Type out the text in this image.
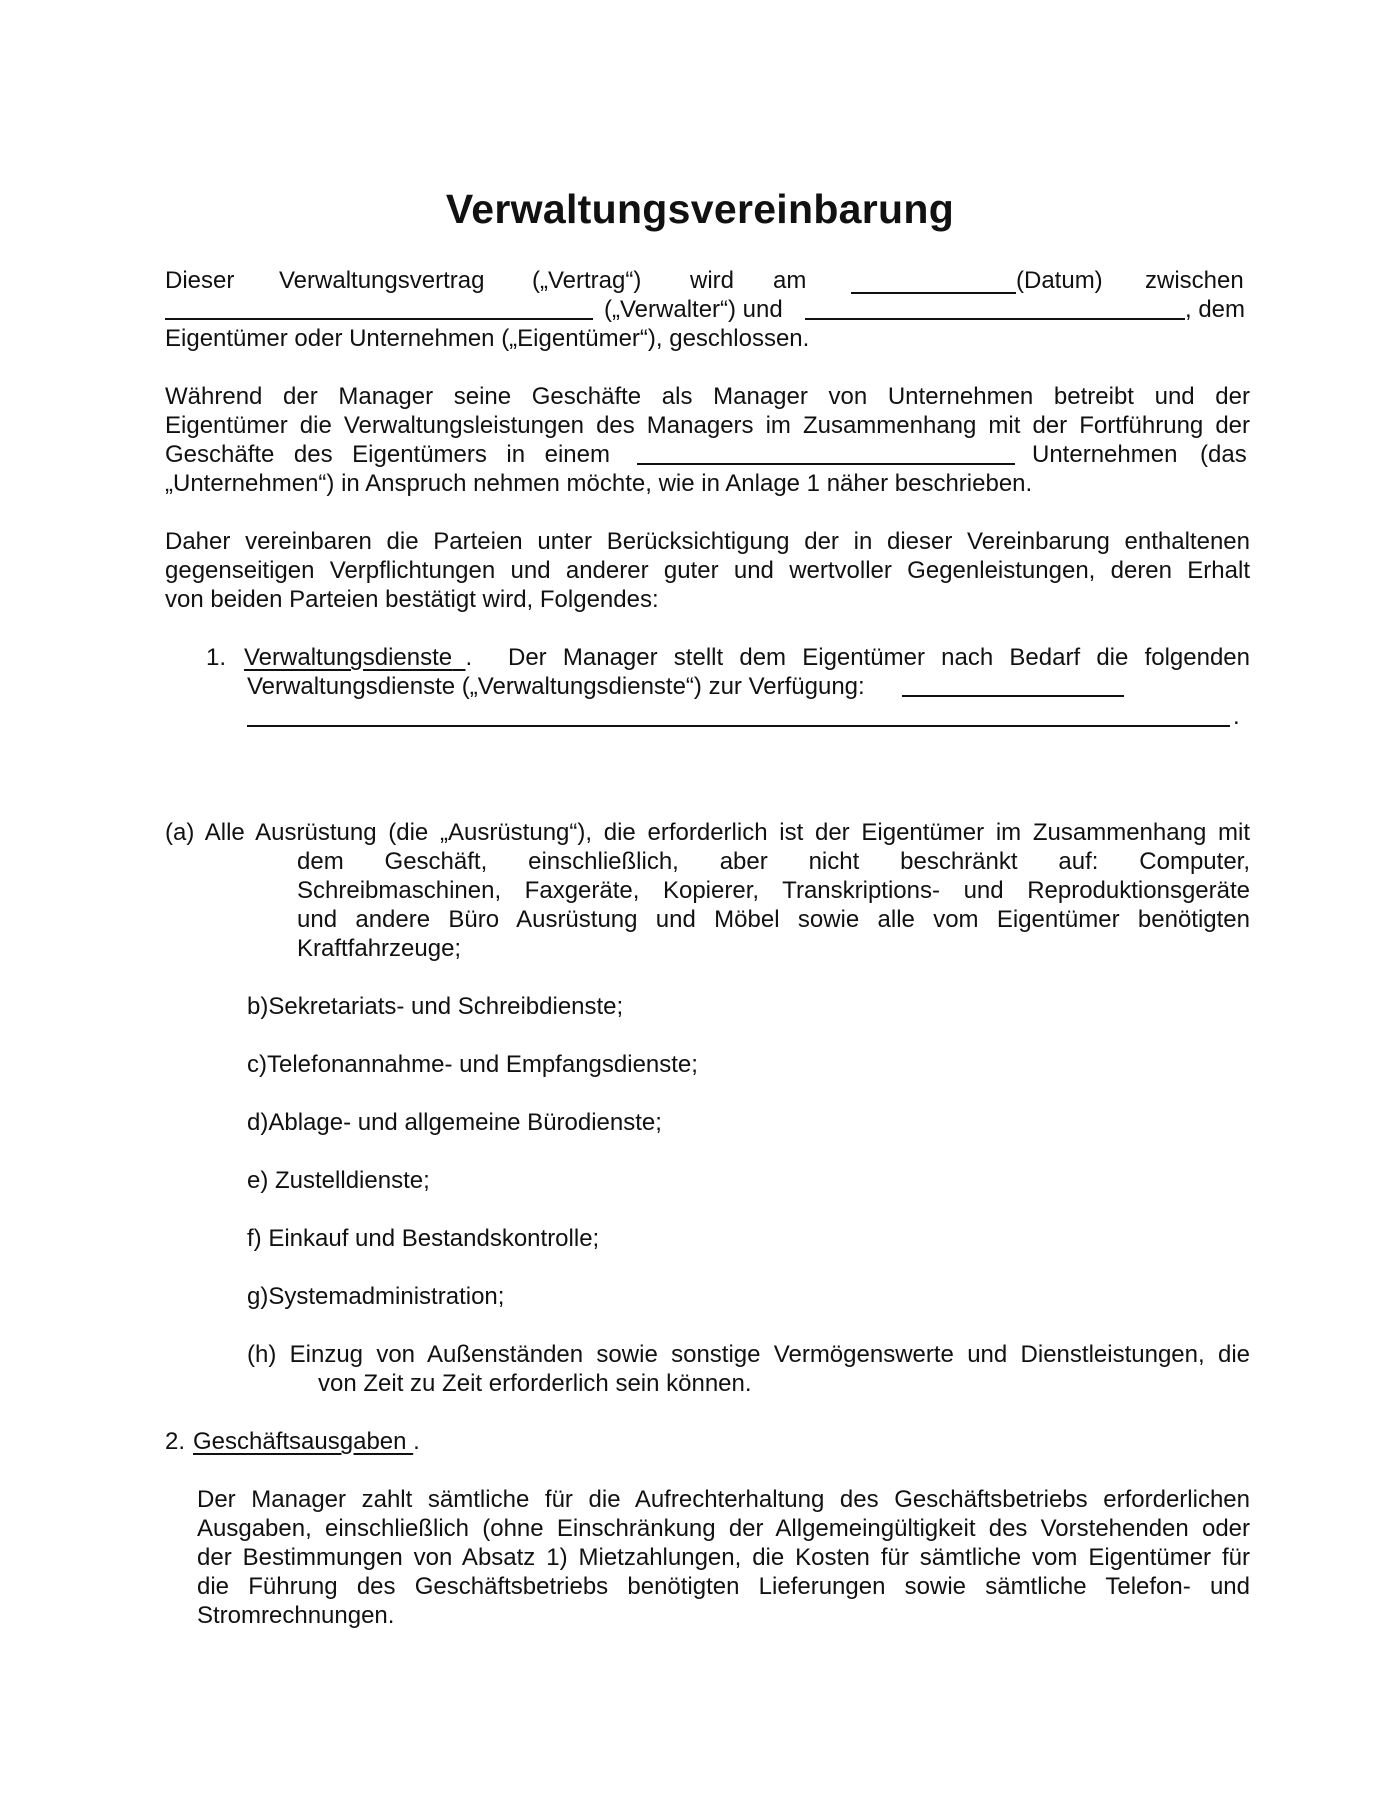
Verwaltungsvereinbarung
Dieser Verwaltungsvertrag („Vertrag“) wird am	(Datum) zwischen
(„Verwalter“) und	, dem
Eigentümer oder Unternehmen („Eigentümer“), geschlossen.
Während der Manager seine Geschäfte als Manager von Unternehmen betreibt und der
Eigentümer die Verwaltungsleistungen des Managers im Zusammenhang mit der Fortführung der
Geschäfte des Eigentümers in einem	Unternehmen (das
„Unternehmen“) in Anspruch nehmen möchte, wie in Anlage 1 näher beschrieben.
Daher vereinbaren die Parteien unter Berücksichtigung der in dieser Vereinbarung enthaltenen
gegenseitigen Verpflichtungen und anderer guter und wertvoller Gegenleistungen, deren Erhalt
von beiden Parteien bestätigt wird, Folgendes:
1. Verwaltungsdienste . Der Manager stellt dem Eigentümer nach Bedarf die folgenden
Verwaltungsdienste („Verwaltungsdienste“) zur Verfügung:
.
(a) Alle Ausrüstung (die „Ausrüstung“), die erforderlich ist der Eigentümer im Zusammenhang mit
dem Geschäft, einschließlich, aber nicht beschränkt auf: Computer,
Schreibmaschinen, Faxgeräte, Kopierer, Transkriptions- und Reproduktionsgeräte
und andere Büro Ausrüstung und Möbel sowie alle vom Eigentümer benötigten
Kraftfahrzeuge;
b)Sekretariats- und Schreibdienste;
c)Telefonannahme- und Empfangsdienste;
d)Ablage- und allgemeine Bürodienste;
e) Zustelldienste;
f) Einkauf und Bestandskontrolle;
g)Systemadministration;
(h) Einzug von Außenständen sowie sonstige Vermögenswerte und Dienstleistungen, die
von Zeit zu Zeit erforderlich sein können.
2. Geschäftsausgaben .
Der Manager zahlt sämtliche für die Aufrechterhaltung des Geschäftsbetriebs erforderlichen
Ausgaben, einschließlich (ohne Einschränkung der Allgemeingültigkeit des Vorstehenden oder
der Bestimmungen von Absatz 1) Mietzahlungen, die Kosten für sämtliche vom Eigentümer für
die Führung des Geschäftsbetriebs benötigten Lieferungen sowie sämtliche Telefon- und
Stromrechnungen.
